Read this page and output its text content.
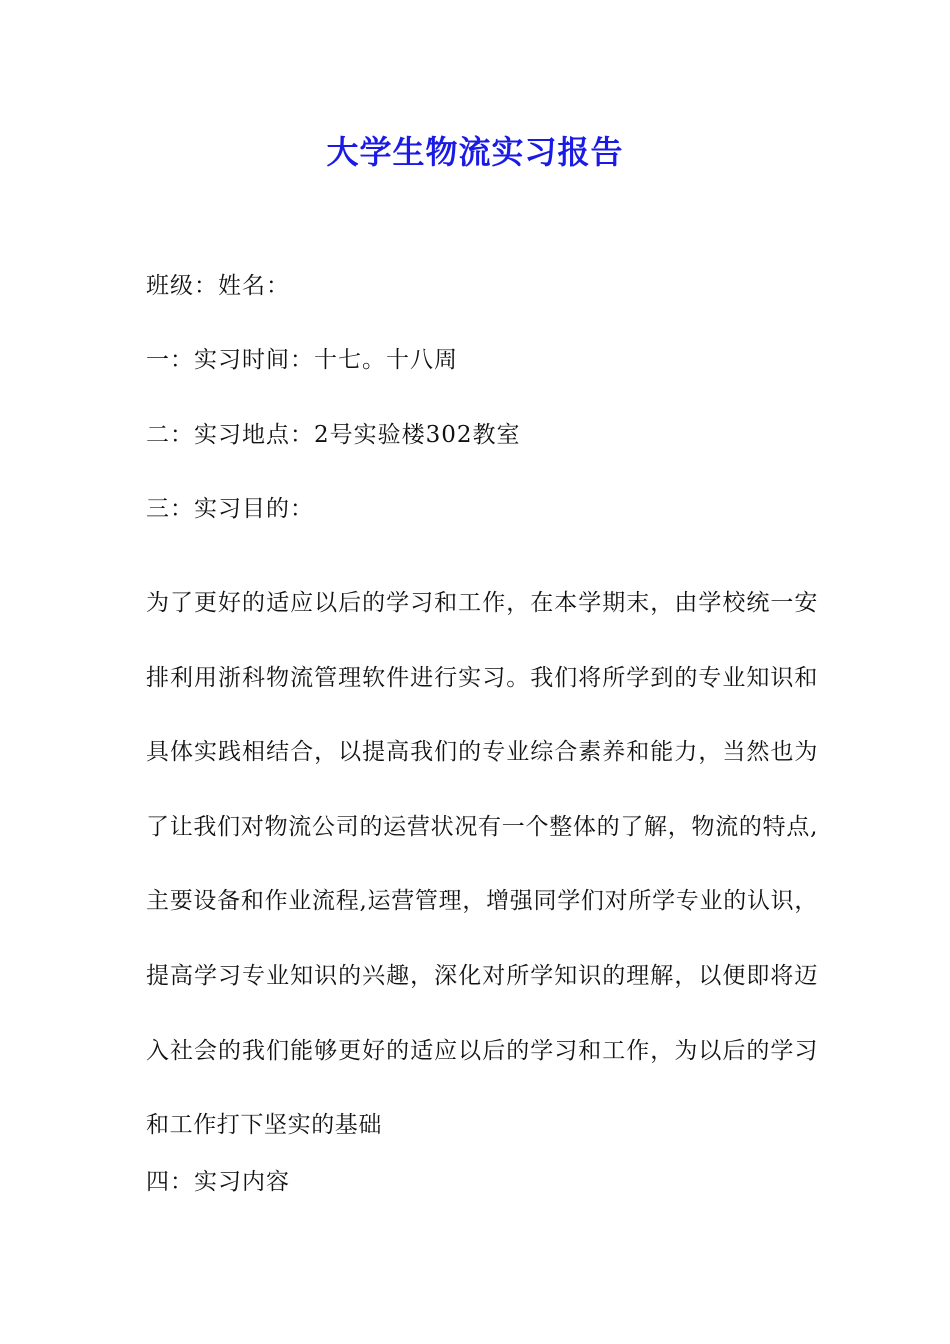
大学生物流实习报告
班级：姓名：
一：实习时间：十七。十八周
二：实习地点：2号实验楼302教室
三：实习目的：
为了更好的适应以后的学习和工作，在本学期末，由学校统一安排利用浙科物流管理软件进行实习。我们将所学到的专业知识和具体实践相结合，以提高我们的专业综合素养和能力，当然也为了让我们对物流公司的运营状况有一个整体的了解，物流的特点,主要设备和作业流程,运营管理，增强同学们对所学专业的认识，提高学习专业知识的兴趣，深化对所学知识的理解，以便即将迈入社会的我们能够更好的适应以后的学习和工作，为以后的学习和工作打下坚实的基础
四：实习内容
